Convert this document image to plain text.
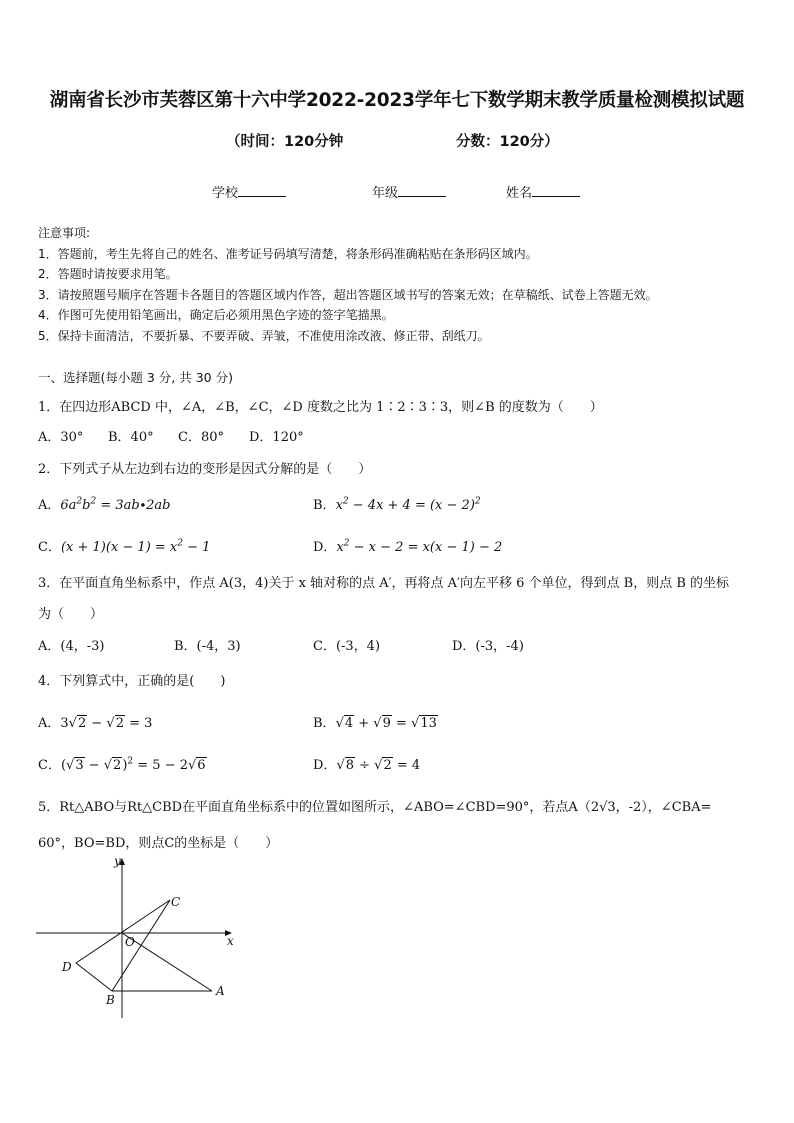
湖南省长沙市芙蓉区第十六中学2022-2023学年七下数学期末教学质量检测模拟试题
（时间：120分钟	分数：120分）
学校	年级	姓名
注意事项:
1．答题前，考生先将自己的姓名、准考证号码填写清楚，将条形码准确粘贴在条形码区域内。
2．答题时请按要求用笔。
3．请按照题号顺序在答题卡各题目的答题区域内作答，超出答题区域书写的答案无效；在草稿纸、试卷上答题无效。
4．作图可先使用铅笔画出，确定后必须用黑色字迹的签字笔描黑。
5．保持卡面清洁，不要折暴、不要弄破、弄皱，不准使用涂改液、修正带、刮纸刀。
一、选择题(每小题 3 分, 共 30 分)
1．在四边形ABCD 中，∠A，∠B，∠C，∠D 度数之比为 1∶2∶3∶3，则∠B 的度数为（　　）
A．30° B．40° C．80° D．120°
2．下列式子从左边到右边的变形是因式分解的是（　　）
A．$6a^2b^2 = 3ab\cdot 2ab$	B．$x^2 - 4x + 4 = (x - 2)^2$
C．$(x + 1)(x - 1) = x^2 - 1$	D．$x^2 - x - 2 = x(x - 1) - 2$
3．在平面直角坐标系中，作点 A(3，4)关于 x 轴对称的点 A′，再将点 A′向左平移 6 个单位，得到点 B，则点 B 的坐标
为（　　）
A．(4，-3)	B．(-4，3)	C．(-3，4)	D．(-3，-4)
4．下列算式中，正确的是(　　)
A．3√2 − √2 = 3	B．√4 + √9 = √13
C．$(√3 - √2)^2 = 5 - 2√6$	D．√8 ÷ √2 = 4
5．Rt△ABO与Rt△CBD在平面直角坐标系中的位置如图所示，∠ABO=∠CBD=90°，若点A（2√3，-2），∠CBA=
60°，BO=BD，则点C的坐标是（　　）
y
x
O
C
D
B
A
